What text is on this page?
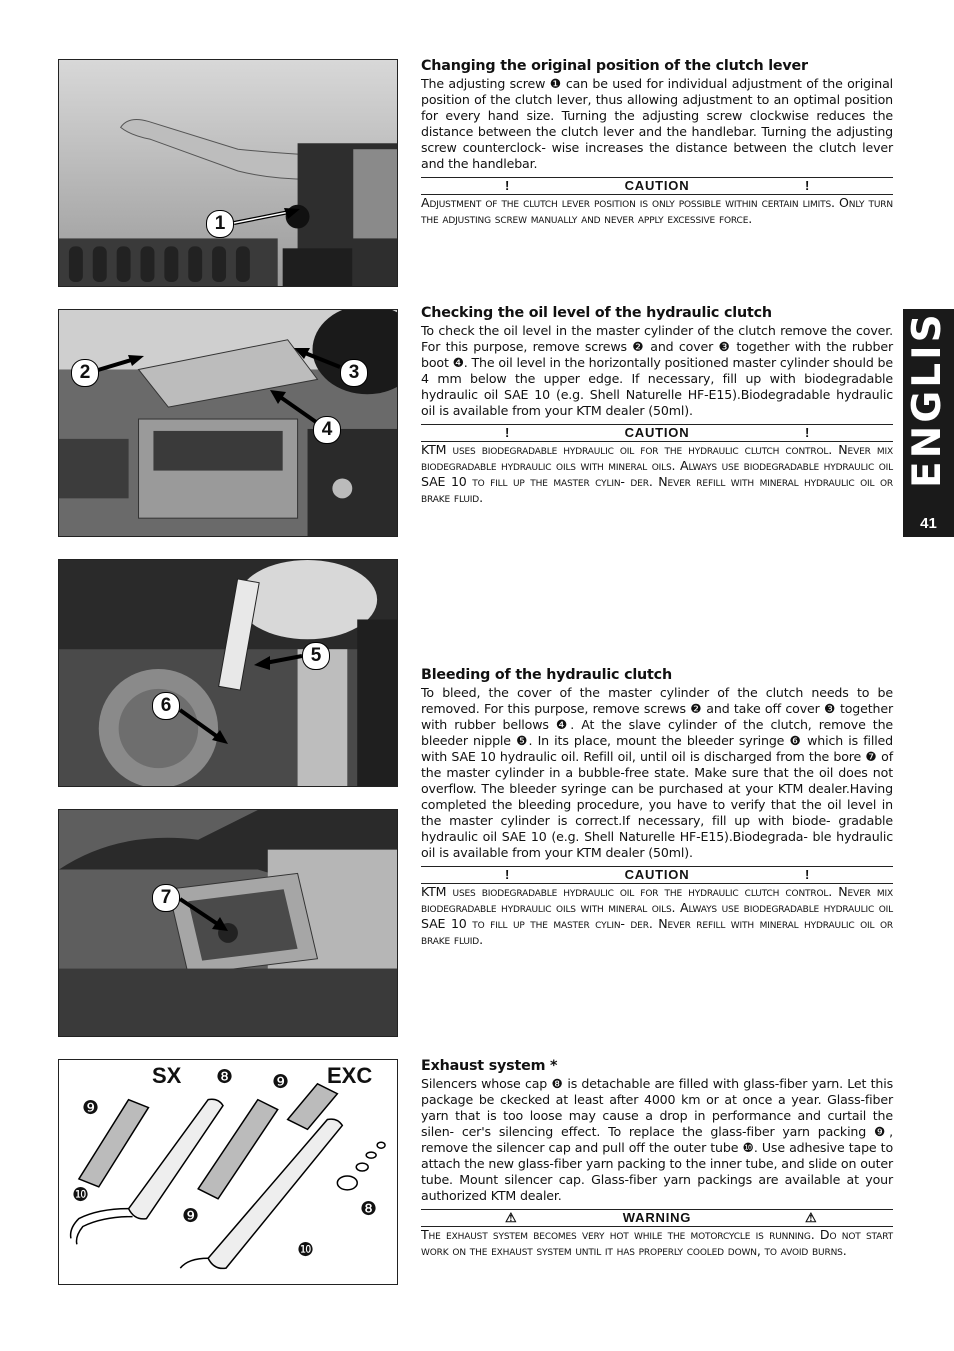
1
2	3
4
5
6
7
SX	EXC
❽ ❾
❾
❿
❾	❽
❿
Changing the original position of the clutch lever

The adjusting screw ❶ can be used for individual adjustment of the original position of the clutch lever, thus allowing adjustment to an optimal position for every hand size. Turning the adjusting screw clockwise reduces the distance between the clutch lever and the handlebar. Turning the adjusting screw counterclock- wise increases the distance between the clutch lever and the handlebar.

!	CAUTION	!

Adjustment of the clutch lever position is only possible within certain limits. Only turn the adjusting screw manually and never apply excessive force.

Checking the oil level of the hydraulic clutch

To check the oil level in the master cylinder of the clutch remove the cover. For this purpose, remove screws ❷ and cover ❸ together with the rubber boot ❹. The oil level in the horizontally positioned master cylinder should be 4 mm below the upper edge. If necessary, fill up with biodegradable hydraulic oil SAE 10 (e.g. Shell Naturelle HF-E15).Biodegradable hydraulic oil is available from your KTM dealer (50ml).

!	CAUTION	!

KTM uses biodegradable hydraulic oil for the hydraulic clutch control. Never mix biodegradable hydraulic oils with mineral oils. Always use biodegradable hydraulic oil SAE 10 to fill up the master cylin- der. Never refill with mineral hydraulic oil or brake fluid.

Bleeding of the hydraulic clutch

To bleed, the cover of the master cylinder of the clutch needs to be removed. For this purpose, remove screws ❷ and take off cover ❸ together with rubber bellows ❹. At the slave cylinder of the clutch, remove the bleeder nipple ❺. In its place, mount the bleeder syringe ❻ which is filled with SAE 10 hydraulic oil. Refill oil, until oil is discharged from the bore ❼ of the master cylinder in a bubble-free state. Make sure that the oil does not overflow. The bleeder syringe can be purchased at your KTM dealer.Having completed the bleeding procedure, you have to verify that the oil level in the master cylinder is correct.If necessary, fill up with biode- gradable hydraulic oil SAE 10 (e.g. Shell Naturelle HF-E15).Biodegrada- ble hydraulic oil is available from your KTM dealer (50ml).

!	CAUTION	!

KTM uses biodegradable hydraulic oil for the hydraulic clutch control. Never mix biodegradable hydraulic oils with mineral oils. Always use biodegradable hydraulic oil SAE 10 to fill up the master cylin- der. Never refill with mineral hydraulic oil or brake fluid.

Exhaust system *

Silencers whose cap ❽ is detachable are filled with glass-fiber yarn. Let this package be ckecked at least after 4000 km or at once a year. Glass-fiber yarn that is too loose may cause a drop in performance and curtail the silen- cer's silencing effect. To replace the glass-fiber yarn packing ❾, remove the silencer cap and pull off the outer tube ❿. Use adhesive tape to attach the new glass-fiber yarn packing to the inner tube, and slide on outer tube. Mount silencer cap. Glass-fiber yarn packings are available at your authorized KTM dealer.

⚠	WARNING	⚠

The exhaust system becomes very hot while the motorcycle is running. Do not start work on the exhaust system until it has properly cooled down, to avoid burns.

ENGLISH
41
